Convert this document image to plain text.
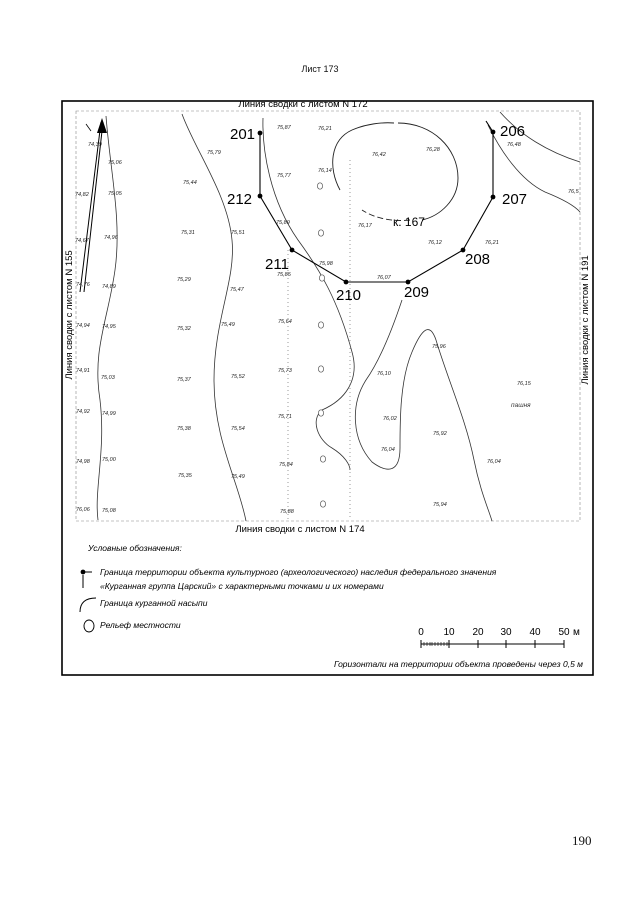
Лист 173
Линия сводки с листом N 172
Линия сводки с листом N 174
Линия сводки с листом N 155	Линия сводки с листом N 191
к. 167
201	206
212	207
211	208
210	209
74,39
75,06
75,05
74,96
74,89
74,95
75,03
74,99
75,00
75,08
75,79
75,44
75,31
75,29
75,32
75,37
75,38
75,35
75,51
75,47
75,49
75,52
75,54
75,49
75,87
75,77
75,89
75,85
75,64
75,73
75,71
75,84
75,88
76,21
76,14
76,42
76,28
75,98
76,17
76,07
76,12	76,21
76,48
76,10
76,02
76,04
75,92
75,94
76,04
76,15
75,96
76,5
74,82
74,67
74,76
74,94
74,91
74,92
74,98
76,06
пашня
Условные обозначения:
Граница территории объекта культурного (археологического) наследия федерального значения
«Курганная группа Царский» с характерными точками и их номерами
Граница курганной насыпи
Рельеф местности
0 10 20 30 40 50 м
Горизонтали на территории объекта проведены через 0,5 м
190
